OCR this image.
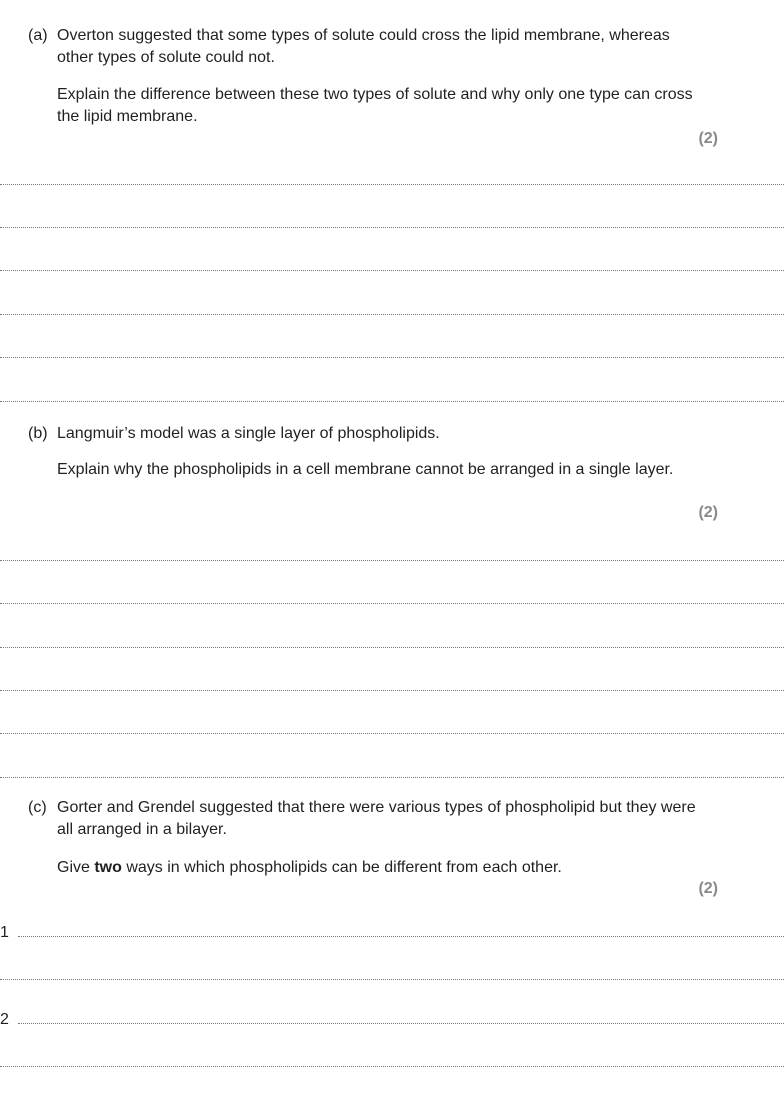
(a) Overton suggested that some types of solute could cross the lipid membrane, whereas other types of solute could not.
Explain the difference between these two types of solute and why only one type can cross the lipid membrane.
(2)
(b) Langmuir’s model was a single layer of phospholipids.
Explain why the phospholipids in a cell membrane cannot be arranged in a single layer.
(2)
(c) Gorter and Grendel suggested that there were various types of phospholipid but they were all arranged in a bilayer.
Give two ways in which phospholipids can be different from each other.
(2)
1
2
